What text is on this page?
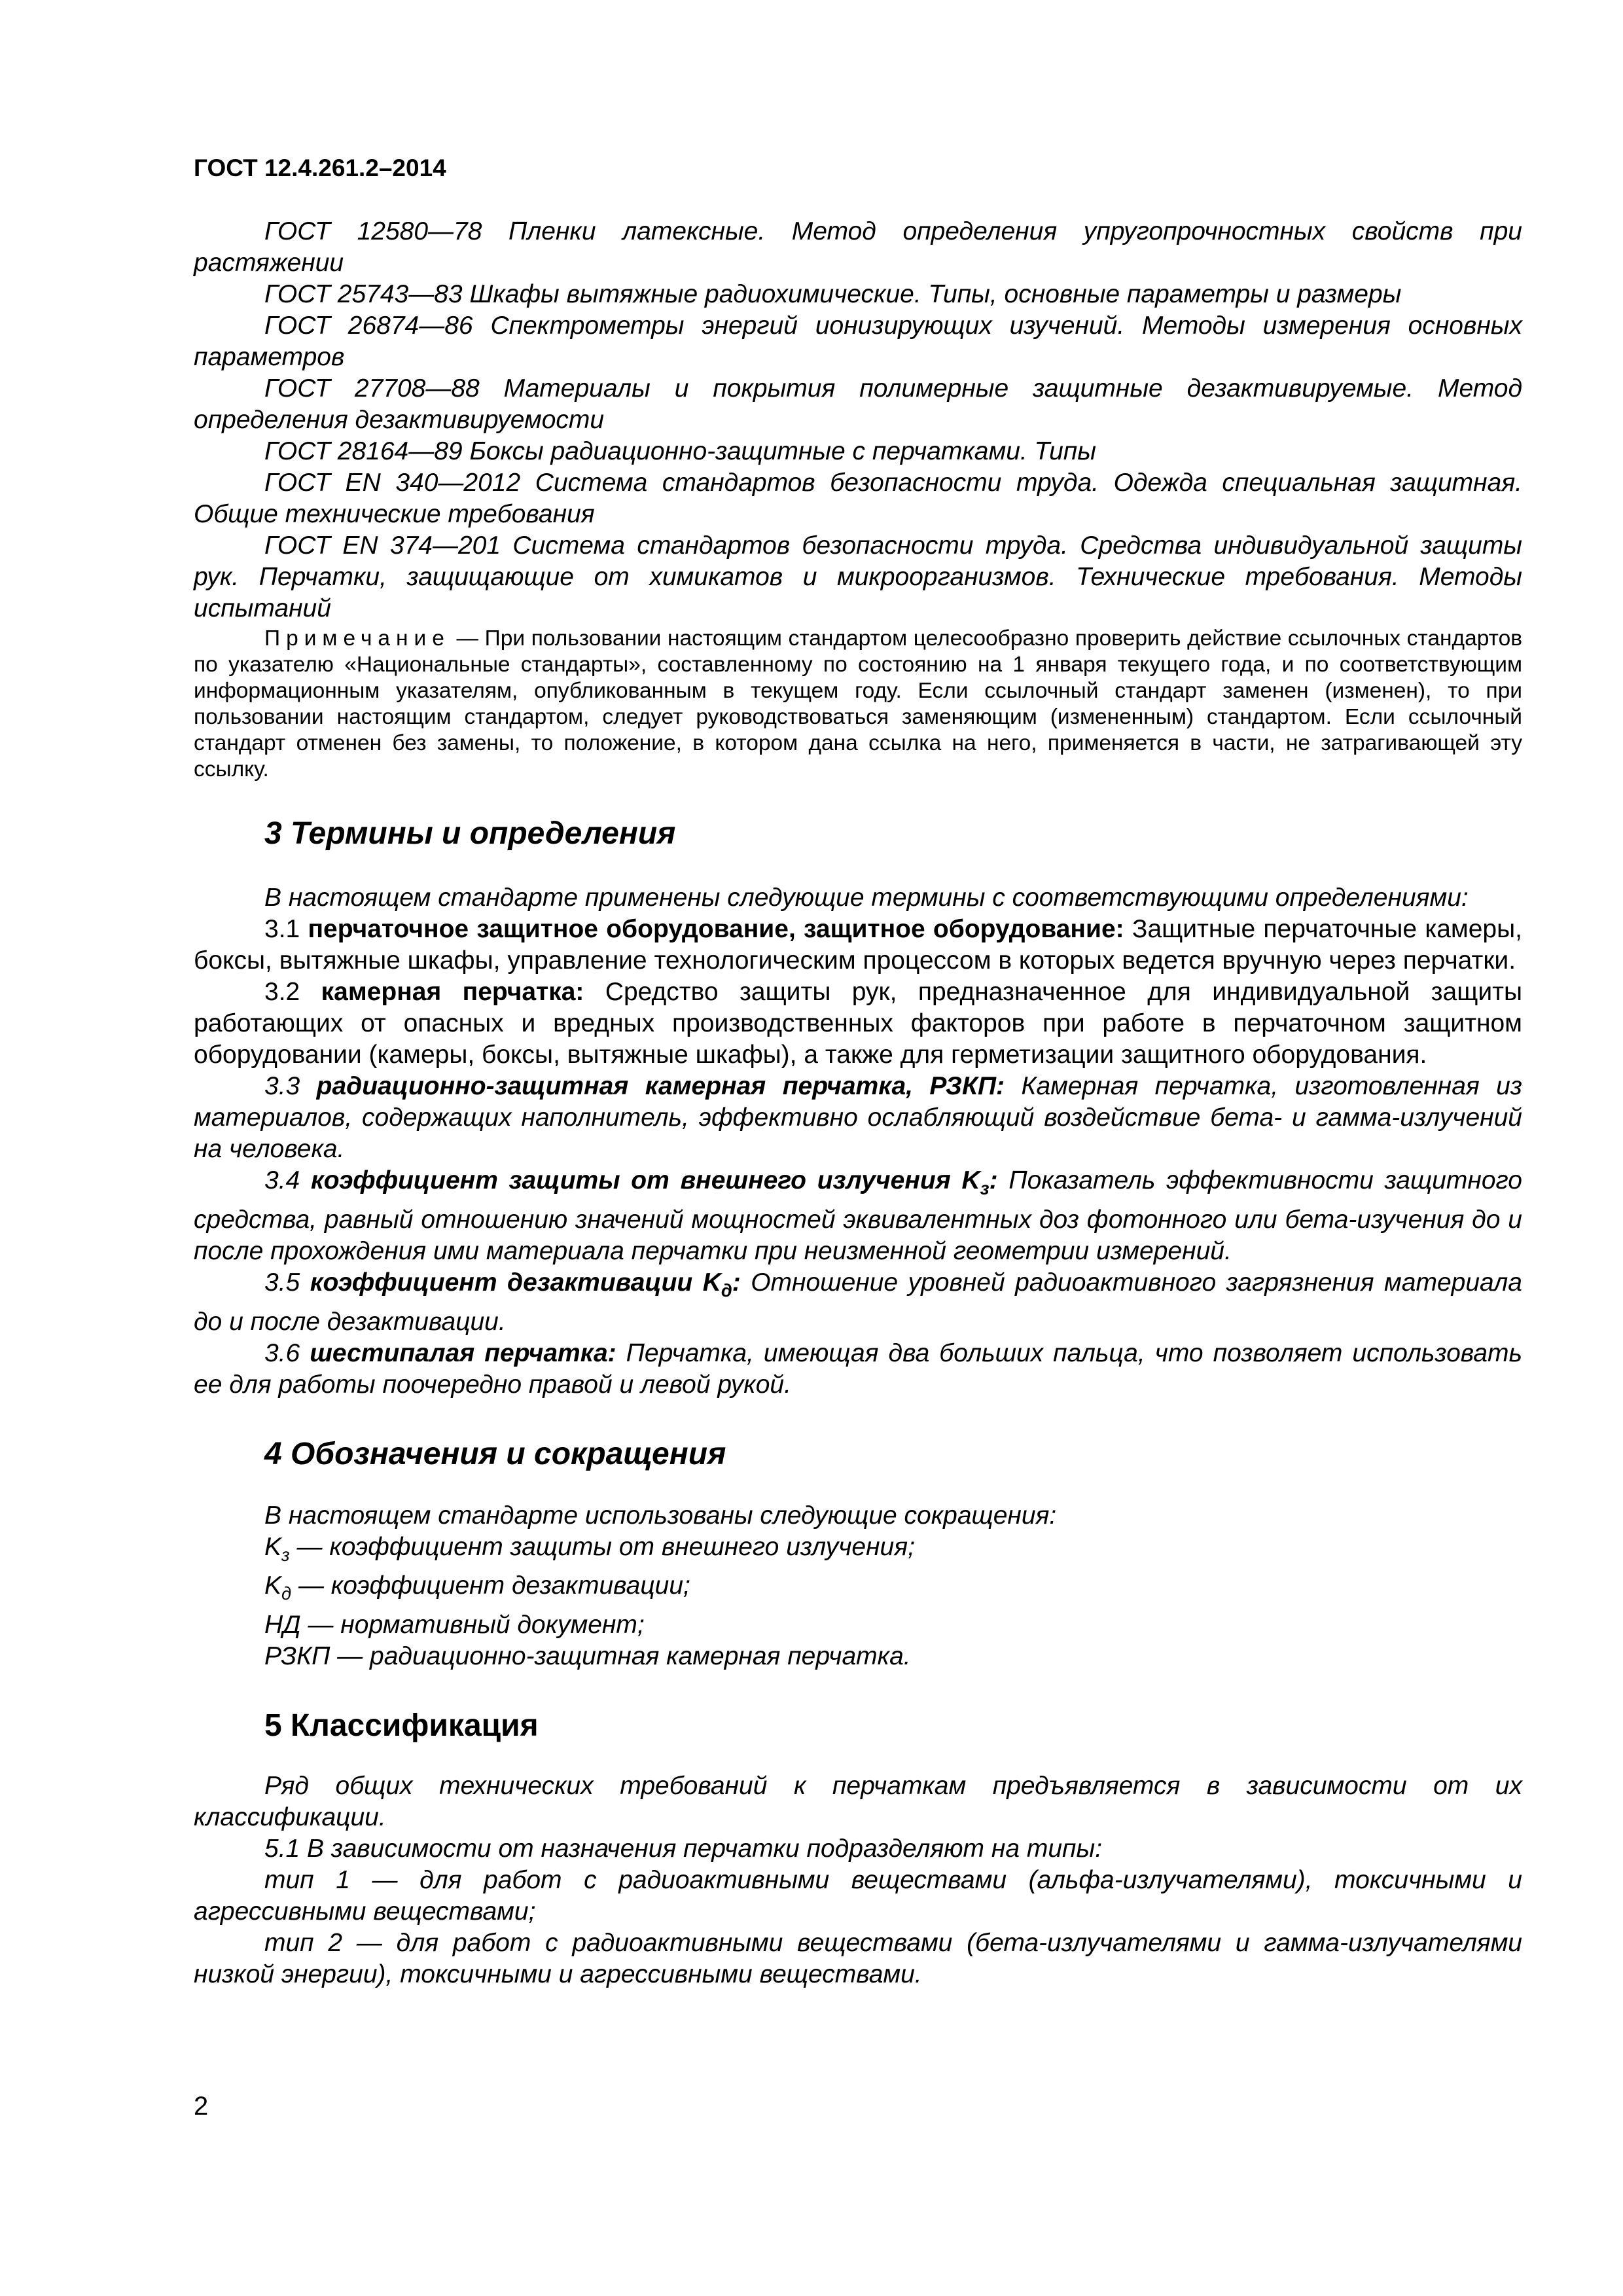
ГОСТ 12.4.261.2–2014

ГОСТ 12580—78 Пленки латексные. Метод определения упругопрочностных свойств при растяжении

ГОСТ 25743—83 Шкафы вытяжные радиохимические. Типы, основные параметры и размеры

ГОСТ 26874—86 Спектрометры энергий ионизирующих изучений. Методы измерения основных параметров

ГОСТ 27708—88 Материалы и покрытия полимерные защитные дезактивируемые. Метод определения дезактивируемости

ГОСТ 28164—89 Боксы радиационно-защитные с перчатками. Типы

ГОСТ EN 340—2012 Система стандартов безопасности труда. Одежда специальная защитная. Общие технические требования

ГОСТ EN 374—201 Система стандартов безопасности труда. Средства индивидуальной защиты рук. Перчатки, защищающие от химикатов и микроорганизмов. Технические требования. Методы испытаний

Примечание — При пользовании настоящим стандартом целесообразно проверить действие ссылочных стандартов по указателю «Национальные стандарты», составленному по состоянию на 1 января текущего года, и по соответствующим информационным указателям, опубликованным в текущем году. Если ссылочный стандарт заменен (изменен), то при пользовании настоящим стандартом, следует руководствоваться заменяющим (измененным) стандартом. Если ссылочный стандарт отменен без замены, то положение, в котором дана ссылка на него, применяется в части, не затрагивающей эту ссылку.

3 Термины и определения

В настоящем стандарте применены следующие термины с соответствующими определениями:

3.1 перчаточное защитное оборудование, защитное оборудование: Защитные перчаточные камеры, боксы, вытяжные шкафы, управление технологическим процессом в которых ведется вручную через перчатки.

3.2 камерная перчатка: Средство защиты рук, предназначенное для индивидуальной защиты работающих от опасных и вредных производственных факторов при работе в перчаточном защитном оборудовании (камеры, боксы, вытяжные шкафы), а также для герметизации защитного оборудования.

3.3 радиационно-защитная камерная перчатка, РЗКП: Камерная перчатка, изготовленная из материалов, содержащих наполнитель, эффективно ослабляющий воздействие бета- и гамма-излучений на человека.

3.4 коэффициент защиты от внешнего излучения $K_з$: Показатель эффективности защитного средства, равный отношению значений мощностей эквивалентных доз фотонного или бета-изучения до и после прохождения ими материала перчатки при неизменной геометрии измерений.

3.5 коэффициент дезактивации $K_д$: Отношение уровней радиоактивного загрязнения материала до и после дезактивации.

3.6 шестипалая перчатка: Перчатка, имеющая два больших пальца, что позволяет использовать ее для работы поочередно правой и левой рукой.

4 Обозначения и сокращения

В настоящем стандарте использованы следующие сокращения:

$K_з$ — коэффициент защиты от внешнего излучения;

$K_д$ — коэффициент дезактивации;

НД — нормативный документ;

РЗКП — радиационно-защитная камерная перчатка.

5 Классификация

Ряд общих технических требований к перчаткам предъявляется в зависимости от их классификации.

5.1 В зависимости от назначения перчатки подразделяют на типы:

тип 1 — для работ с радиоактивными веществами (альфа-излучателями), токсичными и агрессивными веществами;

тип 2 — для работ с радиоактивными веществами (бета-излучателями и гамма-излучателями низкой энергии), токсичными и агрессивными веществами.

2
